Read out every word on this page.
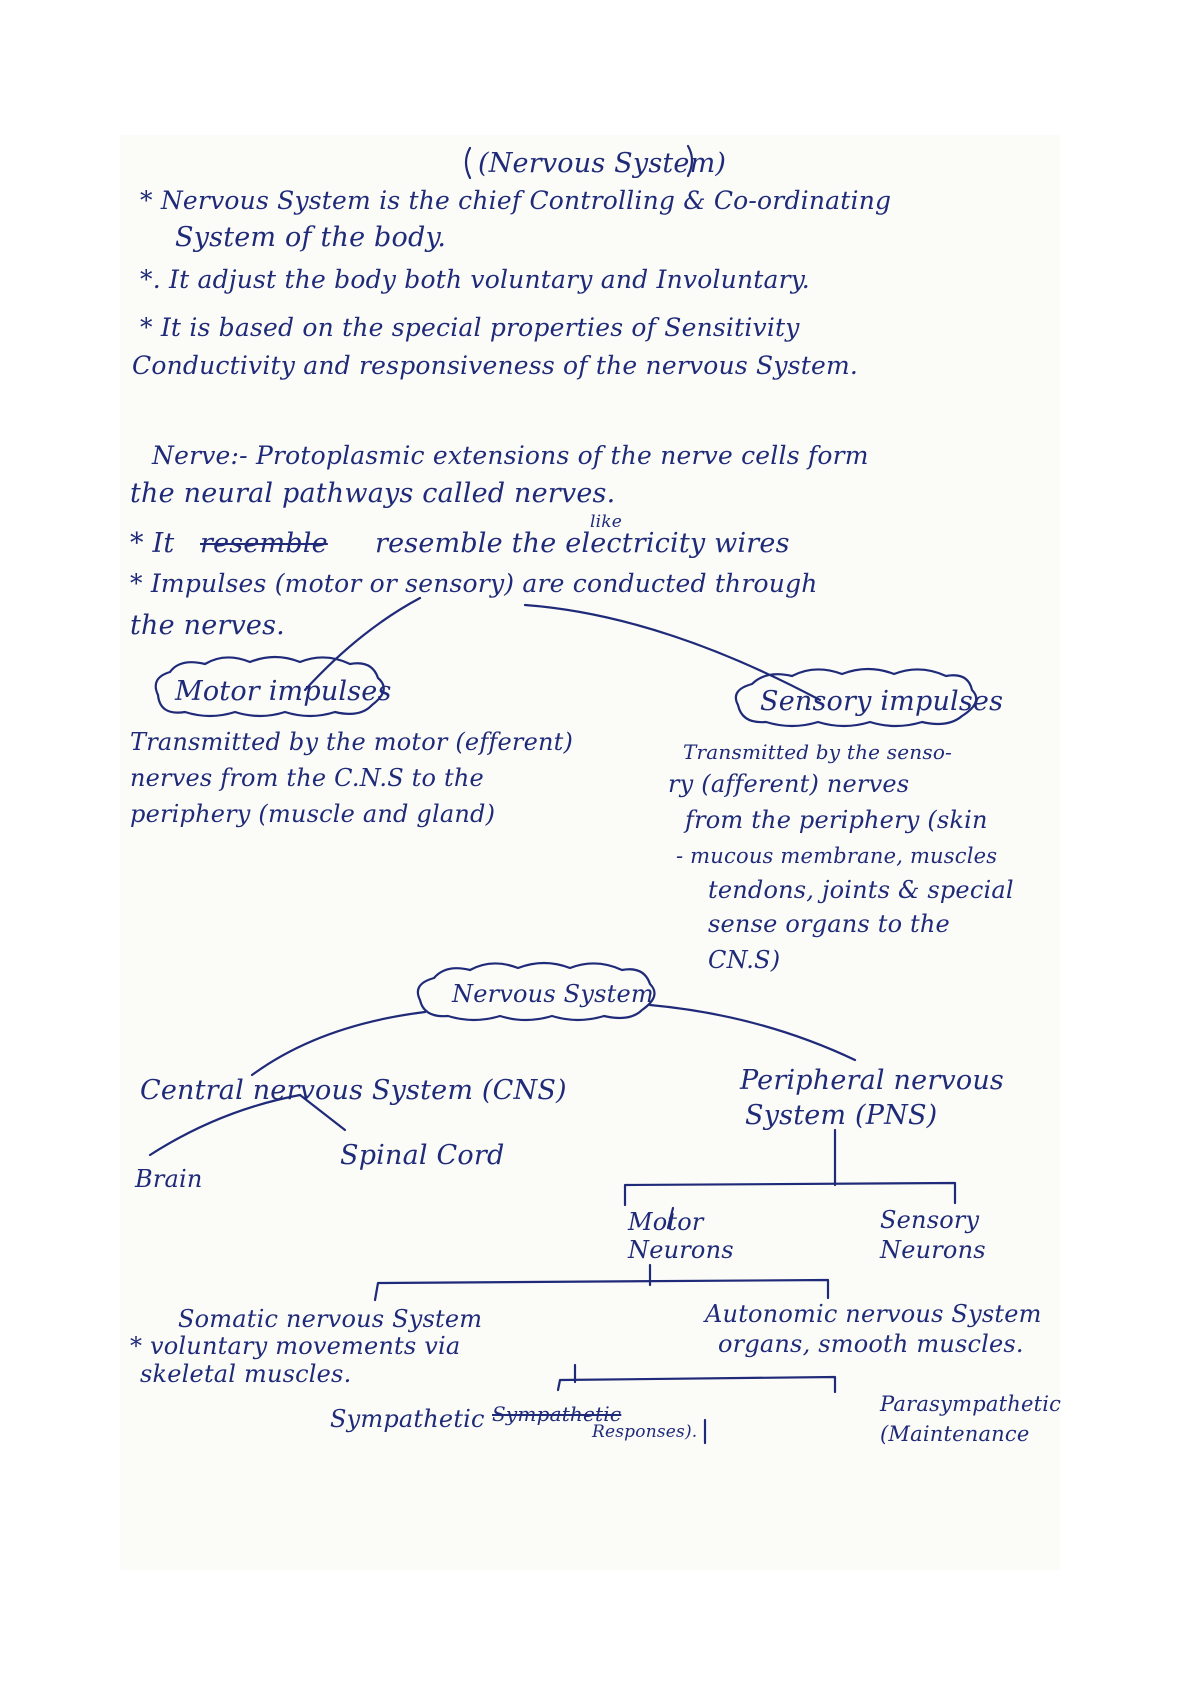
(Nervous System)
* Nervous System is the chief Controlling & Co-ordinating
System of the body.
*. It adjust the body both voluntary and Involuntary.
* It is based on the special properties of Sensitivity
Conductivity and responsiveness of the nervous System.
Nerve:- Protoplasmic extensions of the nerve cells form
the neural pathways called nerves.
like
* It resemble resemble the electricity wires
* Impulses (motor or sensory) are conducted through
the nerves.
Motor impulses
Transmitted by the motor (efferent)
nerves from the C.N.S to the
periphery (muscle and gland)
Sensory impulses
Transmitted by the senso-
ry (afferent) nerves
from the periphery (skin
- mucous membrane, muscles
tendons, joints & special
sense organs to the
CN.S)
Nervous System
Central nervous System (CNS)	Peripheral nervous
System (PNS)
Brain
Spinal Cord
Motor
Neurons
Sensory
Neurons
Somatic nervous System
* voluntary movements via
skeletal muscles.
Autonomic nervous System
organs, smooth muscles.
Sympathetic Sympathetic
Responses).
Parasympathetic
(Maintenance
